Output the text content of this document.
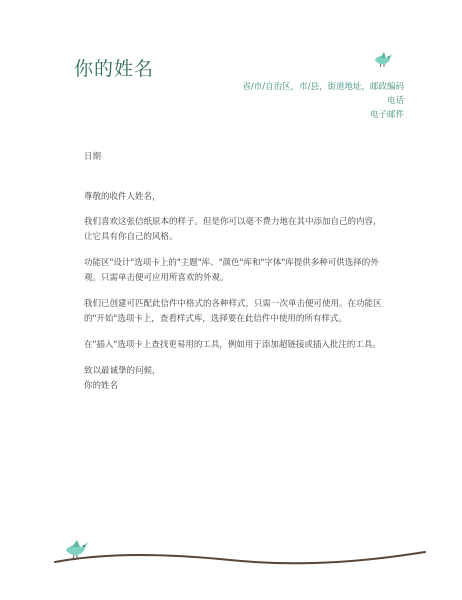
你的姓名
省/市/自治区，市/县，街道地址，邮政编码
电话
电子邮件

日期

尊敬的收件人姓名，

我们喜欢这张信纸原本的样子。但是你可以毫不费力地在其中添加自己的内容，让它具有你自己的风格。

功能区"设计"选项卡上的"主题"库、"颜色"库和"字体"库提供多种可供选择的外观。只需单击便可应用所喜欢的外观。

我们已创建可匹配此信件中格式的各种样式，只需一次单击便可使用。在功能区的"开始"选项卡上，查看样式库，选择要在此信件中使用的所有样式。

在"插入"选项卡上查找更易用的工具，例如用于添加超链接或插入批注的工具。

致以最诚挚的问候，

你的姓名
